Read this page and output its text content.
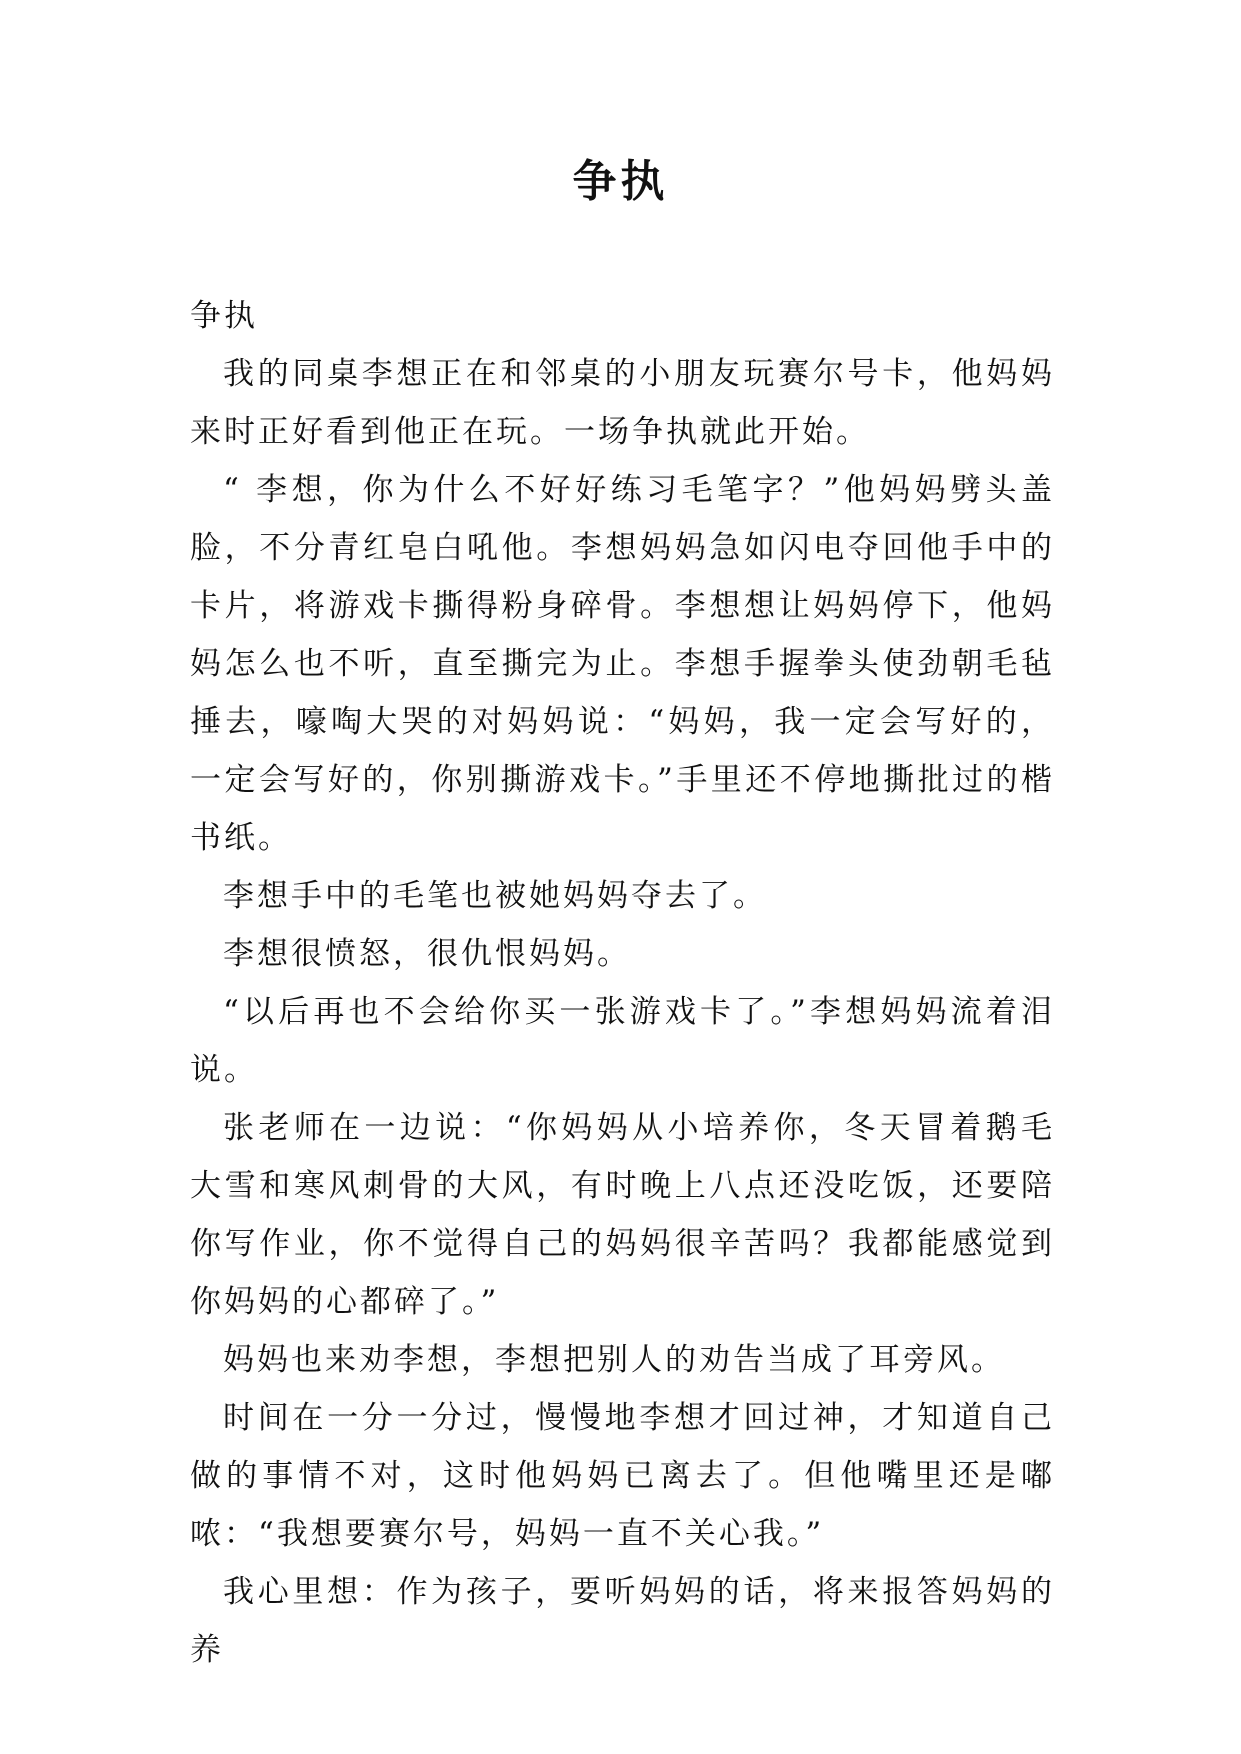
争执

争执

我的同桌李想正在和邻桌的小朋友玩赛尔号卡，他妈妈来时正好看到他正在玩。一场争执就此开始。

“ 李想，你为什么不好好练习毛笔字？”他妈妈劈头盖脸，不分青红皂白吼他。李想妈妈急如闪电夺回他手中的卡片，将游戏卡撕得粉身碎骨。李想想让妈妈停下，他妈妈怎么也不听，直至撕完为止。李想手握拳头使劲朝毛毡捶去，嚎啕大哭的对妈妈说：“妈妈，我一定会写好的，一定会写好的，你别撕游戏卡。”手里还不停地撕批过的楷书纸。

李想手中的毛笔也被她妈妈夺去了。

李想很愤怒，很仇恨妈妈。

“以后再也不会给你买一张游戏卡了。”李想妈妈流着泪说。

张老师在一边说：“你妈妈从小培养你，冬天冒着鹅毛大雪和寒风刺骨的大风，有时晚上八点还没吃饭，还要陪你写作业，你不觉得自己的妈妈很辛苦吗？我都能感觉到你妈妈的心都碎了。”

妈妈也来劝李想，李想把别人的劝告当成了耳旁风。

时间在一分一分过，慢慢地李想才回过神，才知道自己做的事情不对，这时他妈妈已离去了。但他嘴里还是嘟哝：“我想要赛尔号，妈妈一直不关心我。”

我心里想：作为孩子，要听妈妈的话，将来报答妈妈的养
